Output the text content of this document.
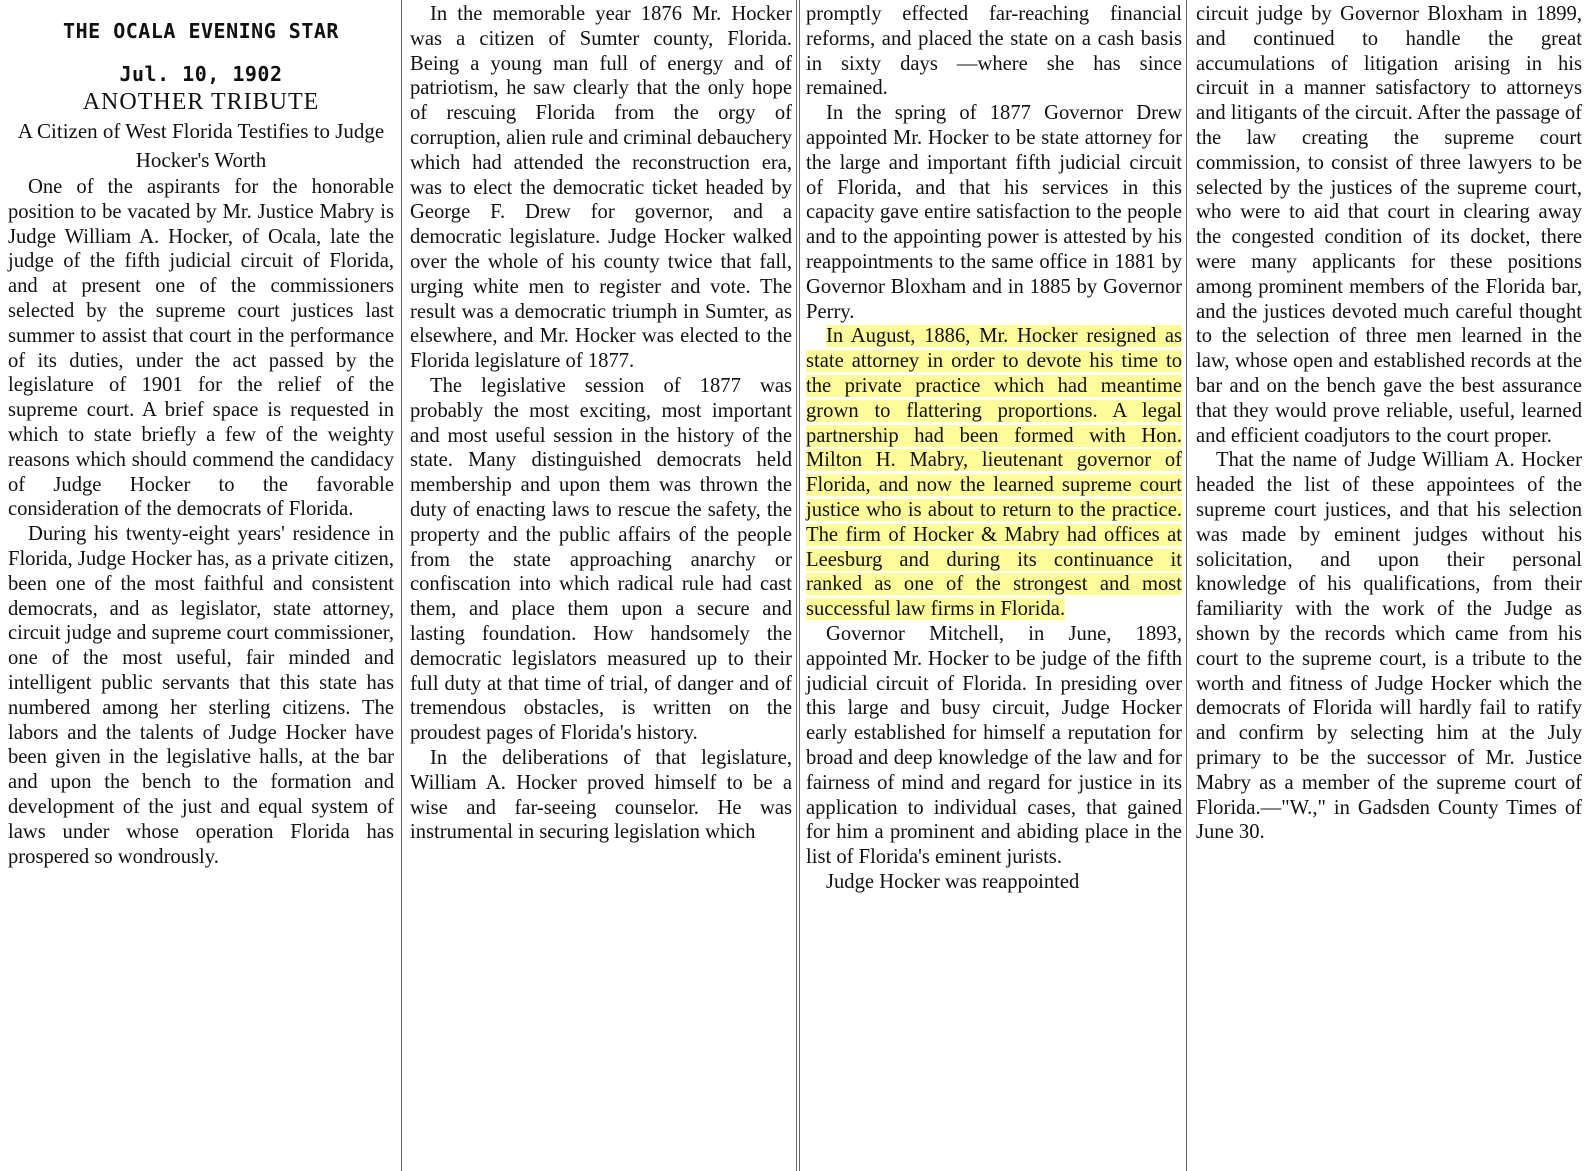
THE OCALA EVENING STAR
Jul. 10, 1902
ANOTHER TRIBUTE
A Citizen of West Florida Testifies to Judge Hocker's Worth

One of the aspirants for the honorable position to be vacated by Mr. Justice Mabry is Judge William A. Hocker, of Ocala, late the judge of the fifth judicial circuit of Florida, and at present one of the commissioners selected by the supreme court justices last summer to assist that court in the performance of its duties, under the act passed by the legislature of 1901 for the relief of the supreme court. A brief space is requested in which to state briefly a few of the weighty reasons which should commend the candidacy of Judge Hocker to the favorable consideration of the democrats of Florida.

During his twenty-eight years' residence in Florida, Judge Hocker has, as a private citizen, been one of the most faithful and consistent democrats, and as legislator, state attorney, circuit judge and supreme court commissioner, one of the most useful, fair minded and intelligent public servants that this state has numbered among her sterling citizens. The labors and the talents of Judge Hocker have been given in the legislative halls, at the bar and upon the bench to the formation and development of the just and equal system of laws under whose operation Florida has prospered so wondrously.

In the memorable year 1876 Mr. Hocker was a citizen of Sumter county, Florida. Being a young man full of energy and of patriotism, he saw clearly that the only hope of rescuing Florida from the orgy of corruption, alien rule and criminal debauchery which had attended the reconstruction era, was to elect the democratic ticket headed by George F. Drew for governor, and a democratic legislature. Judge Hocker walked over the whole of his county twice that fall, urging white men to register and vote. The result was a democratic triumph in Sumter, as elsewhere, and Mr. Hocker was elected to the Florida legislature of 1877.

The legislative session of 1877 was probably the most exciting, most important and most useful session in the history of the state. Many distinguished democrats held membership and upon them was thrown the duty of enacting laws to rescue the safety, the property and the public affairs of the people from the state approaching anarchy or confiscation into which radical rule had cast them, and place them upon a secure and lasting foundation. How handsomely the democratic legislators measured up to their full duty at that time of trial, of danger and of tremendous obstacles, is written on the proudest pages of Florida's history.

In the deliberations of that legislature, William A. Hocker proved himself to be a wise and far-seeing counselor. He was instrumental in securing legislation which

promptly effected far-reaching financial reforms, and placed the state on a cash basis in sixty days —where she has since remained.

In the spring of 1877 Governor Drew appointed Mr. Hocker to be state attorney for the large and important fifth judicial circuit of Florida, and that his services in this capacity gave entire satisfaction to the people and to the appointing power is attested by his reappointments to the same office in 1881 by Governor Bloxham and in 1885 by Governor Perry.

In August, 1886, Mr. Hocker resigned as state attorney in order to devote his time to the private practice which had meantime grown to flattering proportions. A legal partnership had been formed with Hon. Milton H. Mabry, lieutenant governor of Florida, and now the learned supreme court justice who is about to return to the practice. The firm of Hocker & Mabry had offices at Leesburg and during its continuance it ranked as one of the strongest and most successful law firms in Florida.

Governor Mitchell, in June, 1893, appointed Mr. Hocker to be judge of the fifth judicial circuit of Florida. In presiding over this large and busy circuit, Judge Hocker early established for himself a reputation for broad and deep knowledge of the law and for fairness of mind and regard for justice in its application to individual cases, that gained for him a prominent and abiding place in the list of Florida's eminent jurists.

Judge Hocker was reappointed

circuit judge by Governor Bloxham in 1899, and continued to handle the great accumulations of litigation arising in his circuit in a manner satisfactory to attorneys and litigants of the circuit. After the passage of the law creating the supreme court commission, to consist of three lawyers to be selected by the justices of the supreme court, who were to aid that court in clearing away the congested condition of its docket, there were many applicants for these positions among prominent members of the Florida bar, and the justices devoted much careful thought to the selection of three men learned in the law, whose open and established records at the bar and on the bench gave the best assurance that they would prove reliable, useful, learned and efficient coadjutors to the court proper.

That the name of Judge William A. Hocker headed the list of these appointees of the supreme court justices, and that his selection was made by eminent judges without his solicitation, and upon their personal knowledge of his qualifications, from their familiarity with the work of the Judge as shown by the records which came from his court to the supreme court, is a tribute to the worth and fitness of Judge Hocker which the democrats of Florida will hardly fail to ratify and confirm by selecting him at the July primary to be the successor of Mr. Justice Mabry as a member of the supreme court of Florida.—"W.," in Gadsden County Times of June 30.
